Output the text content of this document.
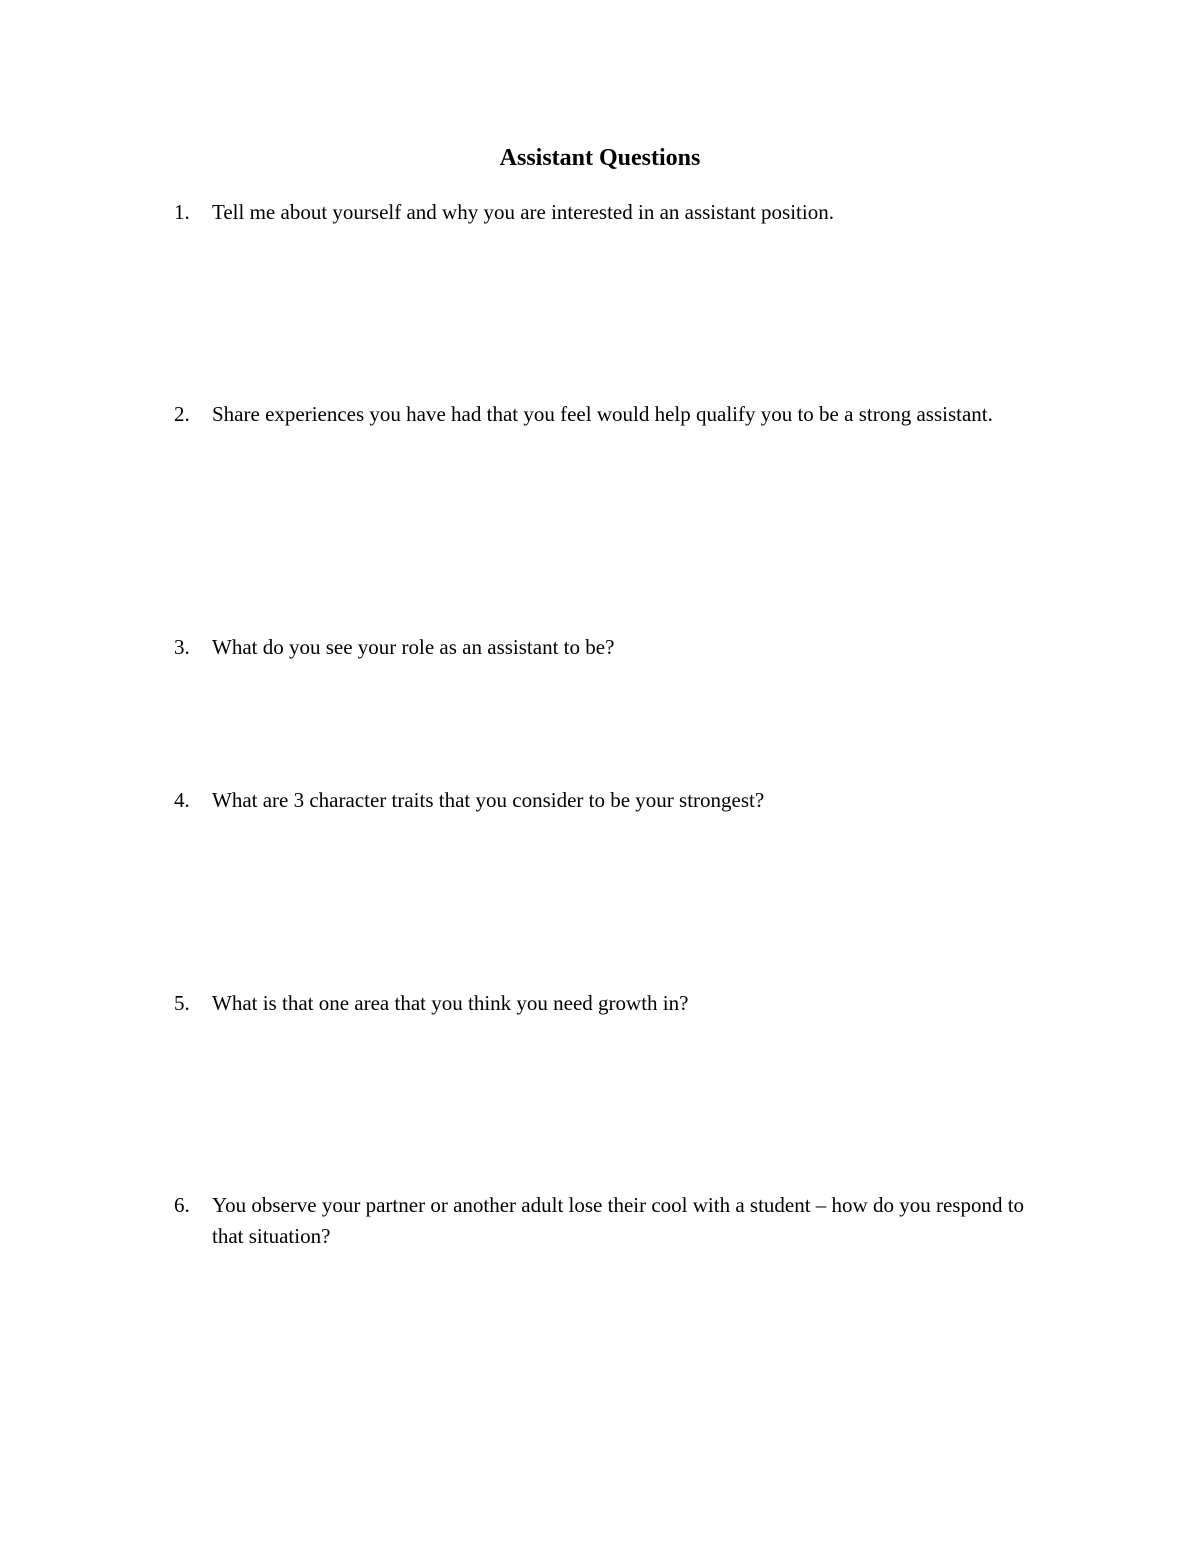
Assistant Questions
1.	Tell me about yourself and why you are interested in an assistant position.
2.	Share experiences you have had that you feel would help qualify you to be a strong assistant.
3.	What do you see your role as an assistant to be?
4.	What are 3 character traits that you consider to be your strongest?
5.	What is that one area that you think you need growth in?
6.	You observe your partner or another adult lose their cool with a student – how do you respond to that situation?
